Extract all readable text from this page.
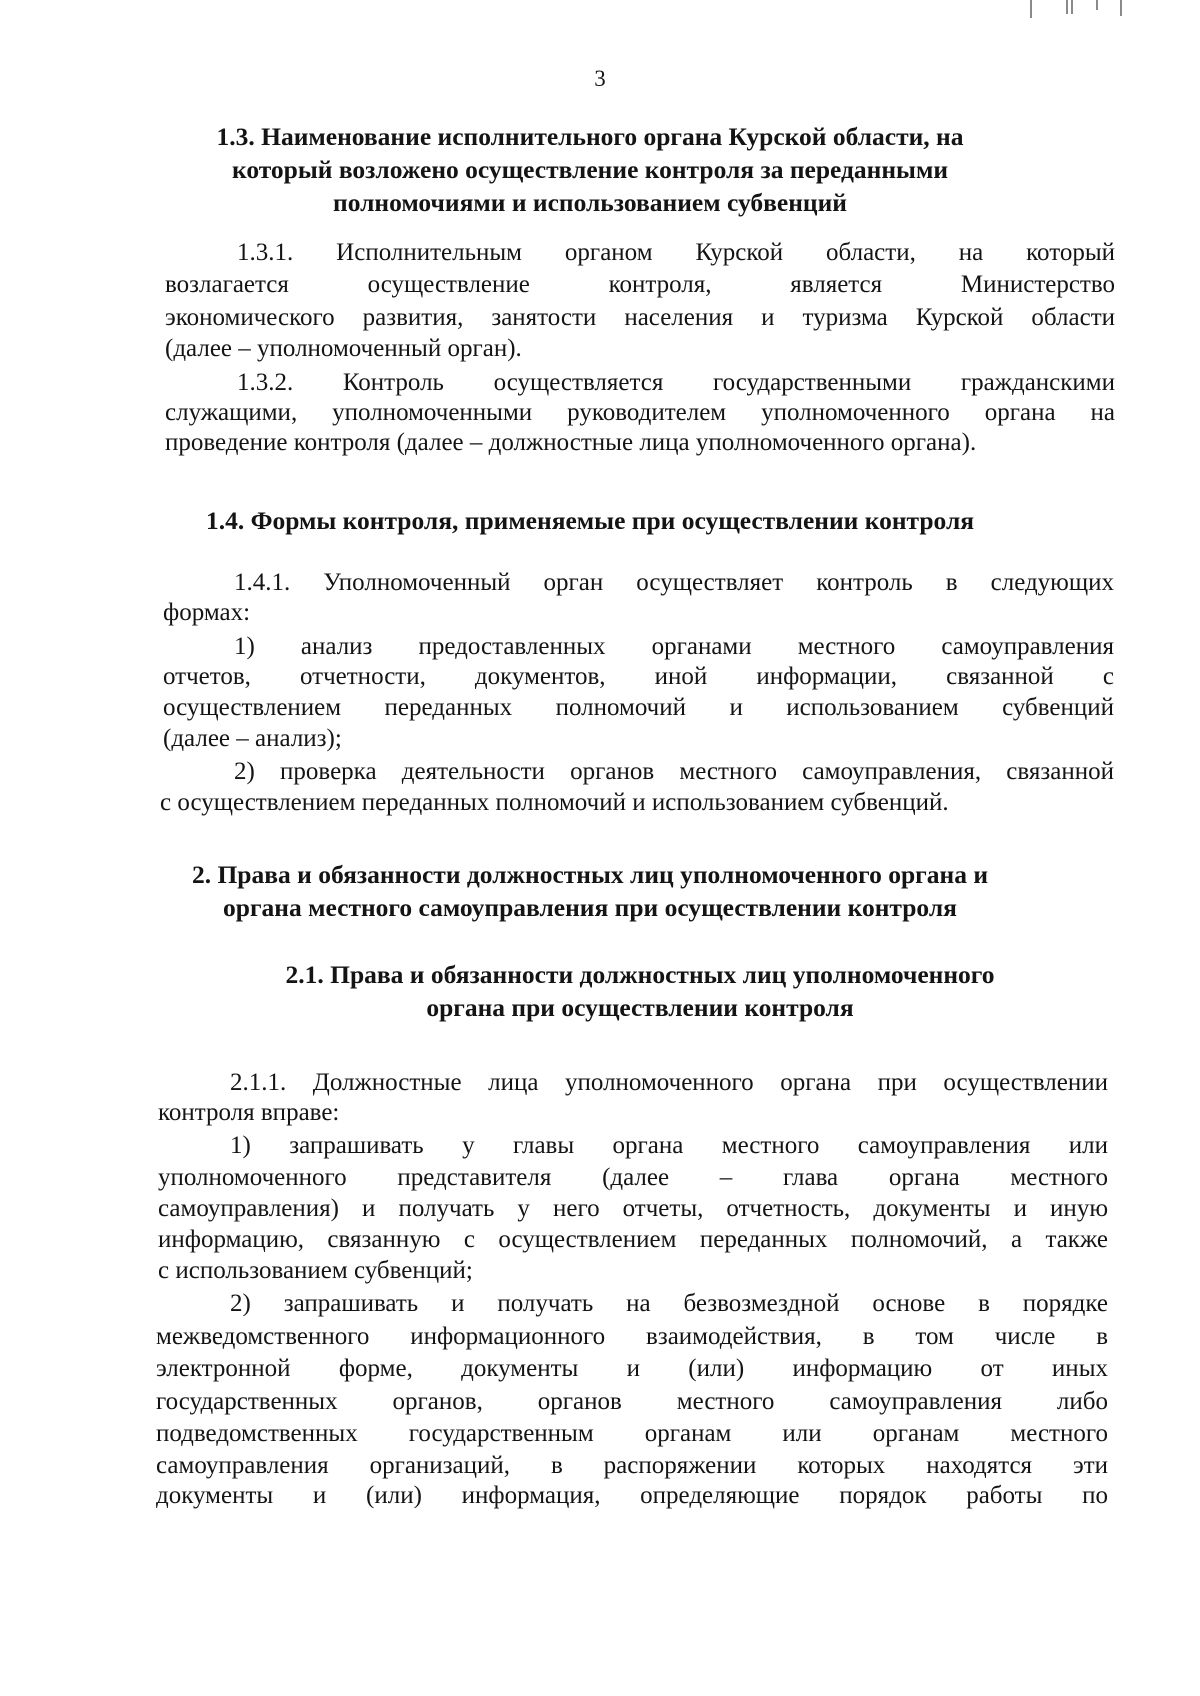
3
1.3. Наименование исполнительного органа Курской области, на
который возложено осуществление контроля за переданными
полномочиями и использованием субвенций
1.3.1. Исполнительным органом Курской области, на который
возлагается осуществление контроля, является Министерство
экономического развития, занятости населения и туризма Курской области
(далее – уполномоченный орган).
1.3.2. Контроль осуществляется государственными гражданскими
служащими, уполномоченными руководителем уполномоченного органа на
проведение контроля (далее – должностные лица уполномоченного органа).
1.4. Формы контроля, применяемые при осуществлении контроля
1.4.1. Уполномоченный орган осуществляет контроль в следующих
формах:
1) анализ предоставленных органами местного самоуправления
отчетов, отчетности, документов, иной информации, связанной с
осуществлением переданных полномочий и использованием субвенций
(далее – анализ);
2) проверка деятельности органов местного самоуправления, связанной
с осуществлением переданных полномочий и использованием субвенций.
2. Права и обязанности должностных лиц уполномоченного органа и
органа местного самоуправления при осуществлении контроля
2.1. Права и обязанности должностных лиц уполномоченного
органа при осуществлении контроля
2.1.1. Должностные лица уполномоченного органа при осуществлении
контроля вправе:
1) запрашивать у главы органа местного самоуправления или
уполномоченного представителя (далее – глава органа местного
самоуправления) и получать у него отчеты, отчетность, документы и иную
информацию, связанную с осуществлением переданных полномочий, а также
с использованием субвенций;
2) запрашивать и получать на безвозмездной основе в порядке
межведомственного информационного взаимодействия, в том числе в
электронной форме, документы и (или) информацию от иных
государственных органов, органов местного самоуправления либо
подведомственных государственным органам или органам местного
самоуправления организаций, в распоряжении которых находятся эти
документы и (или) информация, определяющие порядок работы по
